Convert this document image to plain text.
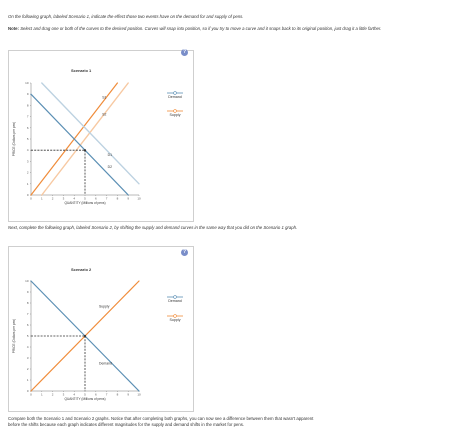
On the following graph, labeled Scenario 1, indicate the effect those two events have on the demand for and supply of pens.
Note: Select and drag one or both of the curves to the desired position. Curves will snap into position, so if you try to move a curve and it snaps back to its original position, just drag it a little farther.
?
Scenario 1
0
1
2
3
4
5
6
7
8
9
10
0	1	2	3	4	5	6	7	8	9	10
QUANTITY (Millions of pens)
PRICE (Dollars per pen)
S1
S2
D1
D2
Demand
Supply
Next, complete the following graph, labeled Scenario 2, by shifting the supply and demand curves in the same way that you did on the Scenario 1 graph.
?
Scenario 2
0
1
2
3
4
5
6
7
8
9
10
0	1	2	3	4	5	6	7	8	9	10
QUANTITY (Millions of pens)
PRICE (Dollars per pen)
Supply
Demand
Demand
Supply
Compare both the Scenario 1 and Scenario 2 graphs. Notice that after completing both graphs, you can now see a difference between them that wasn't apparent before the shifts because each graph indicates different magnitudes for the supply and demand shifts in the market for pens.
